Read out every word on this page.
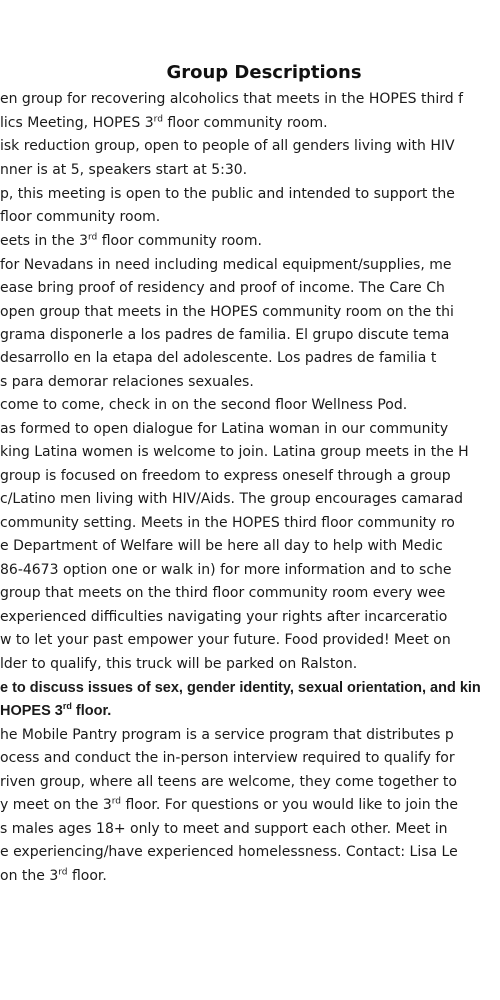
Group Descriptions
en group for recovering alcoholics that meets in the HOPES third f
lics Meeting, HOPES 3rd floor community room.
isk reduction group, open to people of all genders living with HIV
nner is at 5, speakers start at 5:30.
p, this meeting is open to the public and intended to support the
floor community room.
eets in the 3rd floor community room.
for Nevadans in need including medical equipment/supplies, me
ease bring proof of residency and proof of income. The Care Ch
open group that meets in the HOPES community room on the thi
grama disponerle a los padres de familia. El grupo discute tema
desarrollo en la etapa del adolescente. Los padres de familia t
s para demorar relaciones sexuales.
come to come, check in on the second floor Wellness Pod.
as formed to open dialogue for Latina woman in our community
king Latina women is welcome to join. Latina group meets in the H
group is focused on freedom to express oneself through a group
c/Latino men living with HIV/Aids. The group encourages camarad
community setting. Meets in the HOPES third floor community ro
e Department of Welfare will be here all day to help with Medic
86-4673 option one or walk in) for more information and to sche
group that meets on the third floor community room every wee
experienced difficulties navigating your rights after incarceratio
w to let your past empower your future. Food provided! Meet on
lder to qualify, this truck will be parked on Ralston.
e to discuss issues of sex, gender identity, sexual orientation, and kin
HOPES 3rd floor.
he Mobile Pantry program is a service program that distributes p
ocess and conduct the in-person interview required to qualify for
riven group, where all teens are welcome, they come together to
y meet on the 3rd floor. For questions or you would like to join the
s males ages 18+ only to meet and support each other. Meet in
e experiencing/have experienced homelessness. Contact: Lisa Le
on the 3rd floor.
